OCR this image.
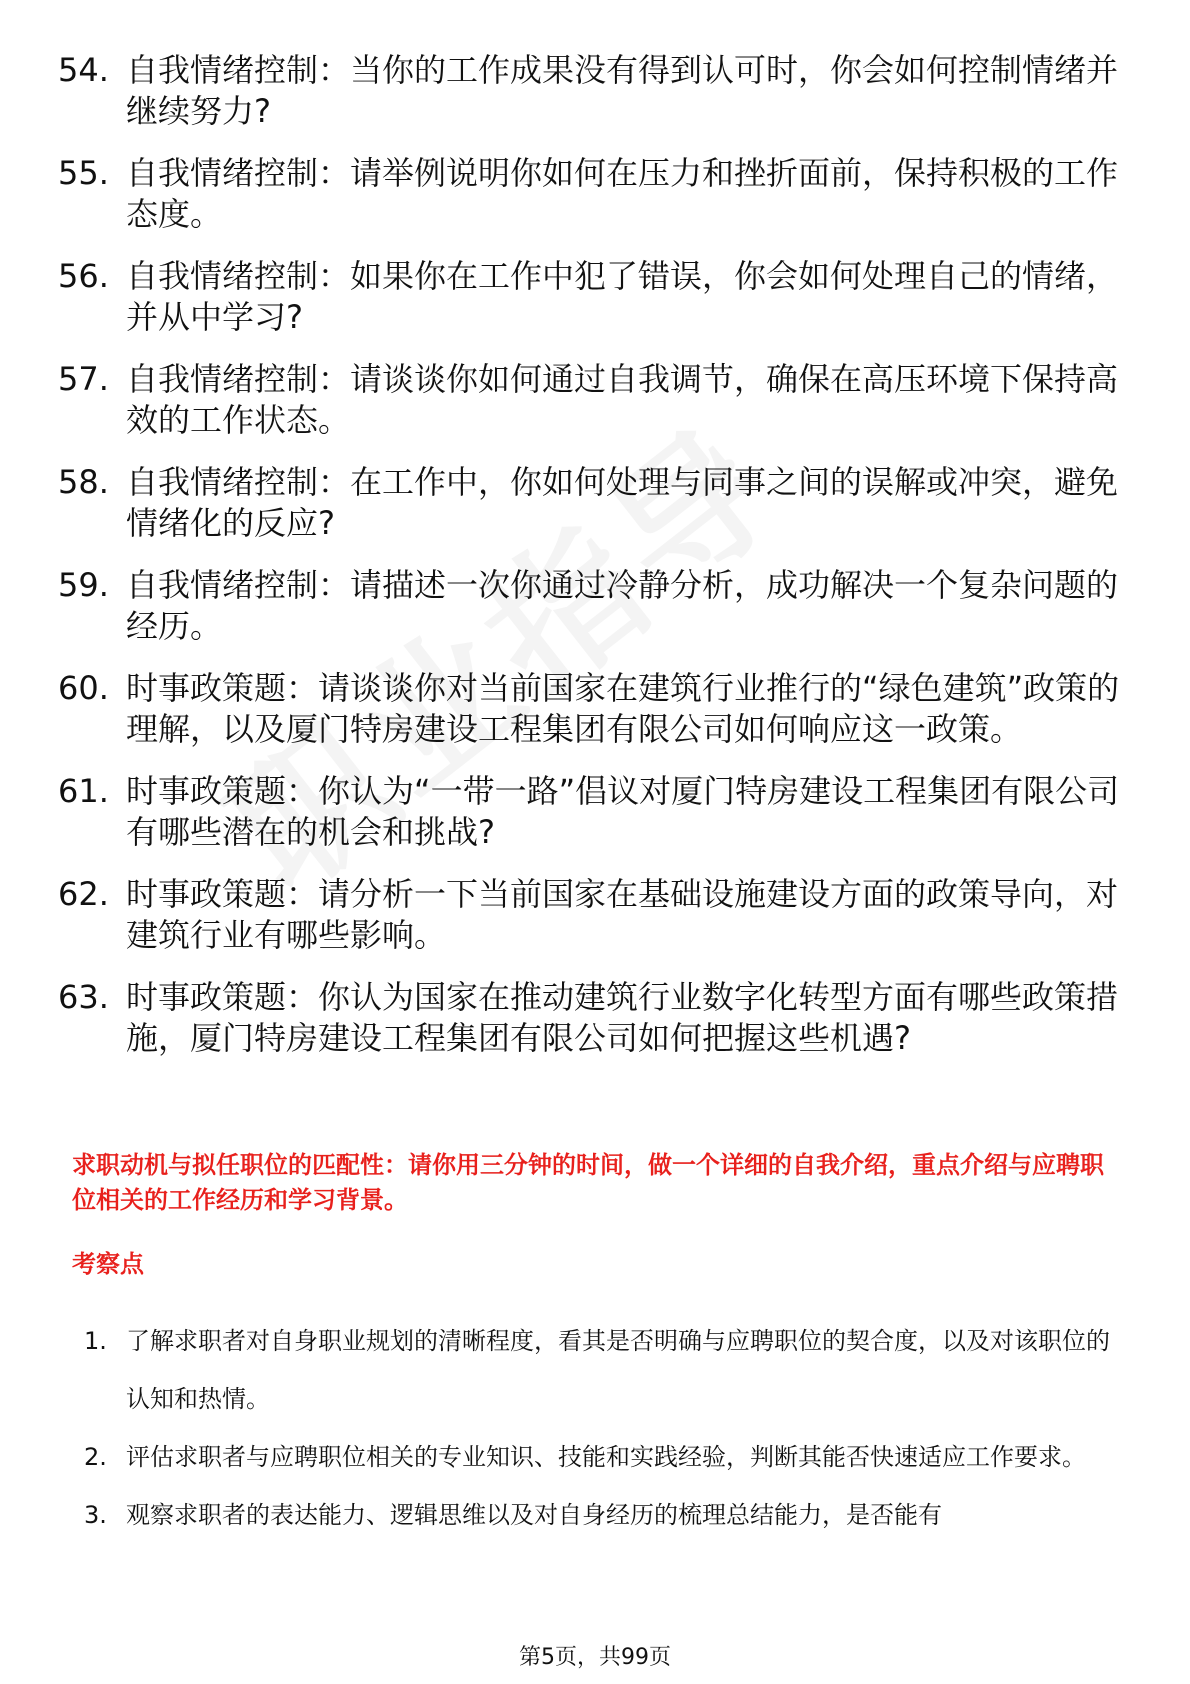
54. 自我情绪控制：当你的工作成果没有得到认可时，你会如何控制情绪并继续努力?
55. 自我情绪控制：请举例说明你如何在压力和挫折面前，保持积极的工作态度。
56. 自我情绪控制：如果你在工作中犯了错误，你会如何处理自己的情绪，并从中学习?
57. 自我情绪控制：请谈谈你如何通过自我调节，确保在高压环境下保持高效的工作状态。
58. 自我情绪控制：在工作中，你如何处理与同事之间的误解或冲突，避免情绪化的反应?
59. 自我情绪控制：请描述一次你通过冷静分析，成功解决一个复杂问题的经历。
60. 时事政策题：请谈谈你对当前国家在建筑行业推行的“绿色建筑”政策的理解，以及厦门特房建设工程集团有限公司如何响应这一政策。
61. 时事政策题：你认为“一带一路”倡议对厦门特房建设工程集团有限公司有哪些潜在的机会和挑战?
62. 时事政策题：请分析一下当前国家在基础设施建设方面的政策导向，对建筑行业有哪些影响。
63. 时事政策题：你认为国家在推动建筑行业数字化转型方面有哪些政策措施，厦门特房建设工程集团有限公司如何把握这些机遇?
求职动机与拟任职位的匹配性：请你用三分钟的时间，做一个详细的自我介绍，重点介绍与应聘职位相关的工作经历和学习背景。
考察点
1. 了解求职者对自身职业规划的清晰程度，看其是否明确与应聘职位的契合度，以及对该职位的认知和热情。
2. 评估求职者与应聘职位相关的专业知识、技能和实践经验，判断其能否快速适应工作要求。
3. 观察求职者的表达能力、逻辑思维以及对自身经历的梳理总结能力，是否能有
第5页，共99页
